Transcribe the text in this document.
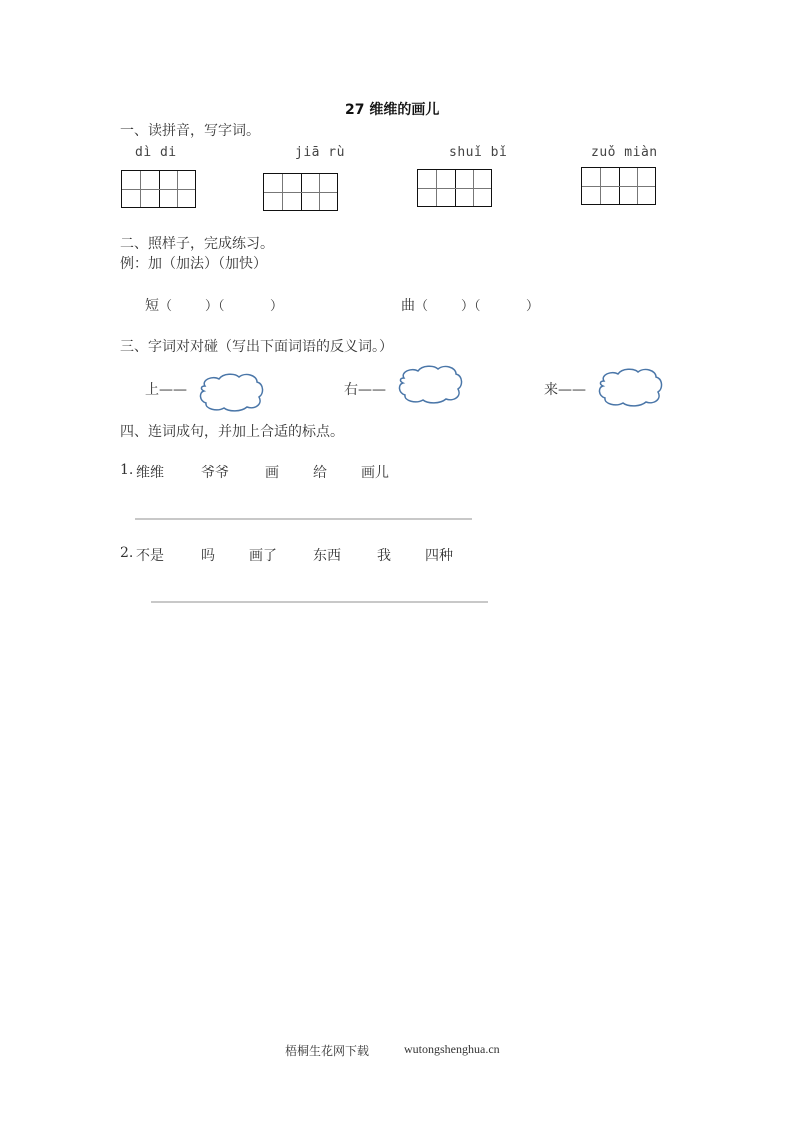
27 维维的画儿
一、读拼音，写字词。
dì di	jiā rù	shuǐ bǐ	zuǒ miàn
二、照样子，完成练习。
例：加（加法）（加快）
短（        ）（           ）	曲（        ）（           ）
三、字词对对碰（写出下面词语的反义词。）
上——	右——	来——
四、连词成句，并加上合适的标点。
1. 维维	爷爷	画 给 画儿
2. 不是	吗 画了	东西	我 四种
梧桐生花网下载	wutongshenghua.cn
